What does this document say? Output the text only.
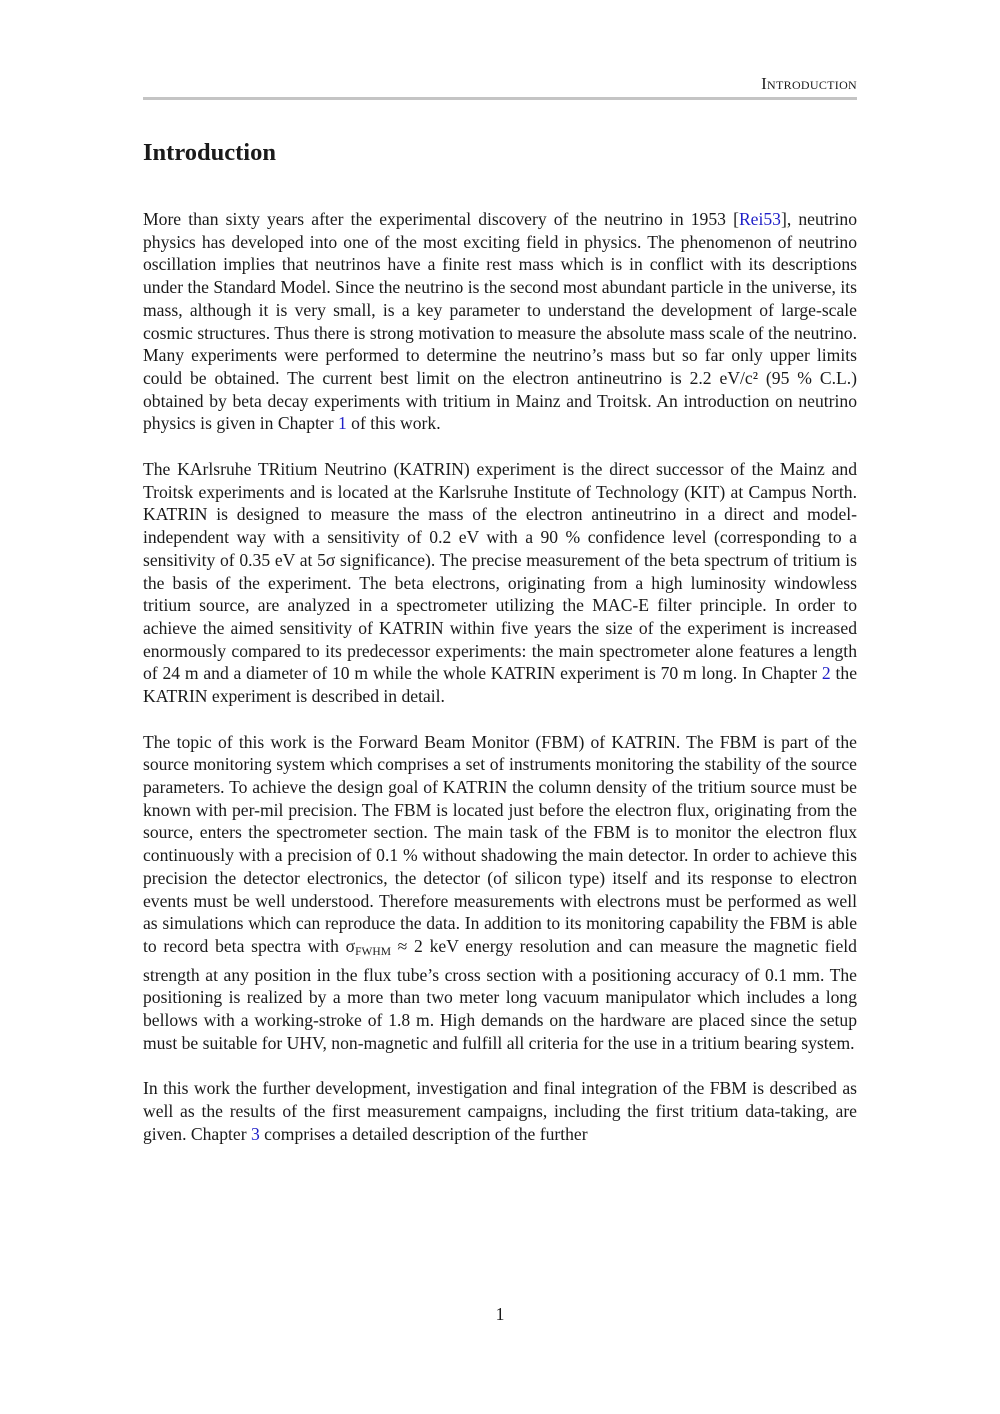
Introduction
Introduction

More than sixty years after the experimental discovery of the neutrino in 1953 [Rei53], neutrino physics has developed into one of the most exciting field in physics. The phenomenon of neutrino oscillation implies that neutrinos have a finite rest mass which is in conflict with its descriptions under the Standard Model. Since the neutrino is the second most abundant particle in the universe, its mass, although it is very small, is a key parameter to understand the development of large-scale cosmic structures. Thus there is strong motivation to measure the absolute mass scale of the neutrino. Many experiments were performed to determine the neutrino’s mass but so far only upper limits could be obtained. The current best limit on the electron antineutrino is 2.2 eV/c² (95 % C.L.) obtained by beta decay experiments with tritium in Mainz and Troitsk. An introduction on neutrino physics is given in Chapter 1 of this work.

The KArlsruhe TRitium Neutrino (KATRIN) experiment is the direct successor of the Mainz and Troitsk experiments and is located at the Karlsruhe Institute of Technology (KIT) at Campus North. KATRIN is designed to measure the mass of the electron antineutrino in a direct and model-independent way with a sensitivity of 0.2 eV with a 90 % confidence level (corresponding to a sensitivity of 0.35 eV at 5σ significance). The precise measurement of the beta spectrum of tritium is the basis of the experiment. The beta electrons, originating from a high luminosity windowless tritium source, are analyzed in a spectrometer utilizing the MAC-E filter principle. In order to achieve the aimed sensitivity of KATRIN within five years the size of the experiment is increased enormously compared to its predecessor experiments: the main spectrometer alone features a length of 24 m and a diameter of 10 m while the whole KATRIN experiment is 70 m long. In Chapter 2 the KATRIN experiment is described in detail.

The topic of this work is the Forward Beam Monitor (FBM) of KATRIN. The FBM is part of the source monitoring system which comprises a set of instruments monitoring the stability of the source parameters. To achieve the design goal of KATRIN the column density of the tritium source must be known with per-mil precision. The FBM is located just before the electron flux, originating from the source, enters the spectrometer section. The main task of the FBM is to monitor the electron flux continuously with a precision of 0.1 % without shadowing the main detector. In order to achieve this precision the detector electronics, the detector (of silicon type) itself and its response to electron events must be well understood. Therefore measurements with electrons must be performed as well as simulations which can reproduce the data. In addition to its monitoring capability the FBM is able to record beta spectra with $\sigma_{FWHM} \approx 2$ keV energy resolution and can measure the magnetic field strength at any position in the flux tube’s cross section with a positioning accuracy of 0.1 mm. The positioning is realized by a more than two meter long vacuum manipulator which includes a long bellows with a working-stroke of 1.8 m. High demands on the hardware are placed since the setup must be suitable for UHV, non-magnetic and fulfill all criteria for the use in a tritium bearing system.

In this work the further development, investigation and final integration of the FBM is described as well as the results of the first measurement campaigns, including the first tritium data-taking, are given. Chapter 3 comprises a detailed description of the further

1
